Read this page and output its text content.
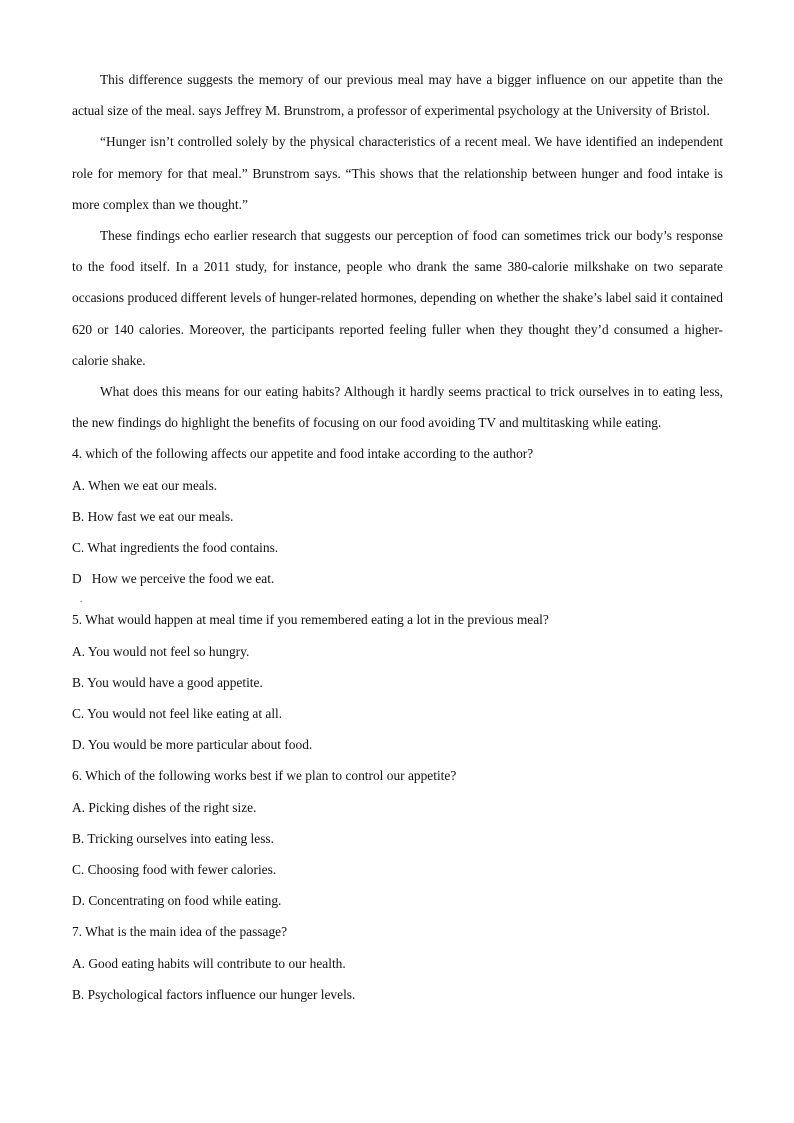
This difference suggests the memory of our previous meal may have a bigger influence on our appetite than the actual size of the meal. says Jeffrey M. Brunstrom, a professor of experimental psychology at the University of Bristol.

“Hunger isn’t controlled solely by the physical characteristics of a recent meal. We have identified an independent role for memory for that meal.” Brunstrom says. “This shows that the relationship between hunger and food intake is more complex than we thought.”

These findings echo earlier research that suggests our perception of food can sometimes trick our body’s response to the food itself. In a 2011 study, for instance, people who drank the same 380-calorie milkshake on two separate occasions produced different levels of hunger-related hormones, depending on whether the shake’s label said it contained 620 or 140 calories. Moreover, the participants reported feeling fuller when they thought they’d consumed a higher-calorie shake.

What does this means for our eating habits? Although it hardly seems practical to trick ourselves in to eating less, the new findings do highlight the benefits of focusing on our food avoiding TV and multitasking while eating.

4. which of the following affects our appetite and food intake according to the author?

A. When we eat our meals.

B. How fast we eat our meals.

C. What ingredients the food contains.

D   How we perceive the food we eat.

.

5. What would happen at meal time if you remembered eating a lot in the previous meal?

A. You would not feel so hungry.

B. You would have a good appetite.

C. You would not feel like eating at all.

D. You would be more particular about food.

6. Which of the following works best if we plan to control our appetite?

A. Picking dishes of the right size.

B. Tricking ourselves into eating less.

C. Choosing food with fewer calories.

D. Concentrating on food while eating.

7. What is the main idea of the passage?

A. Good eating habits will contribute to our health.

B. Psychological factors influence our hunger levels.
